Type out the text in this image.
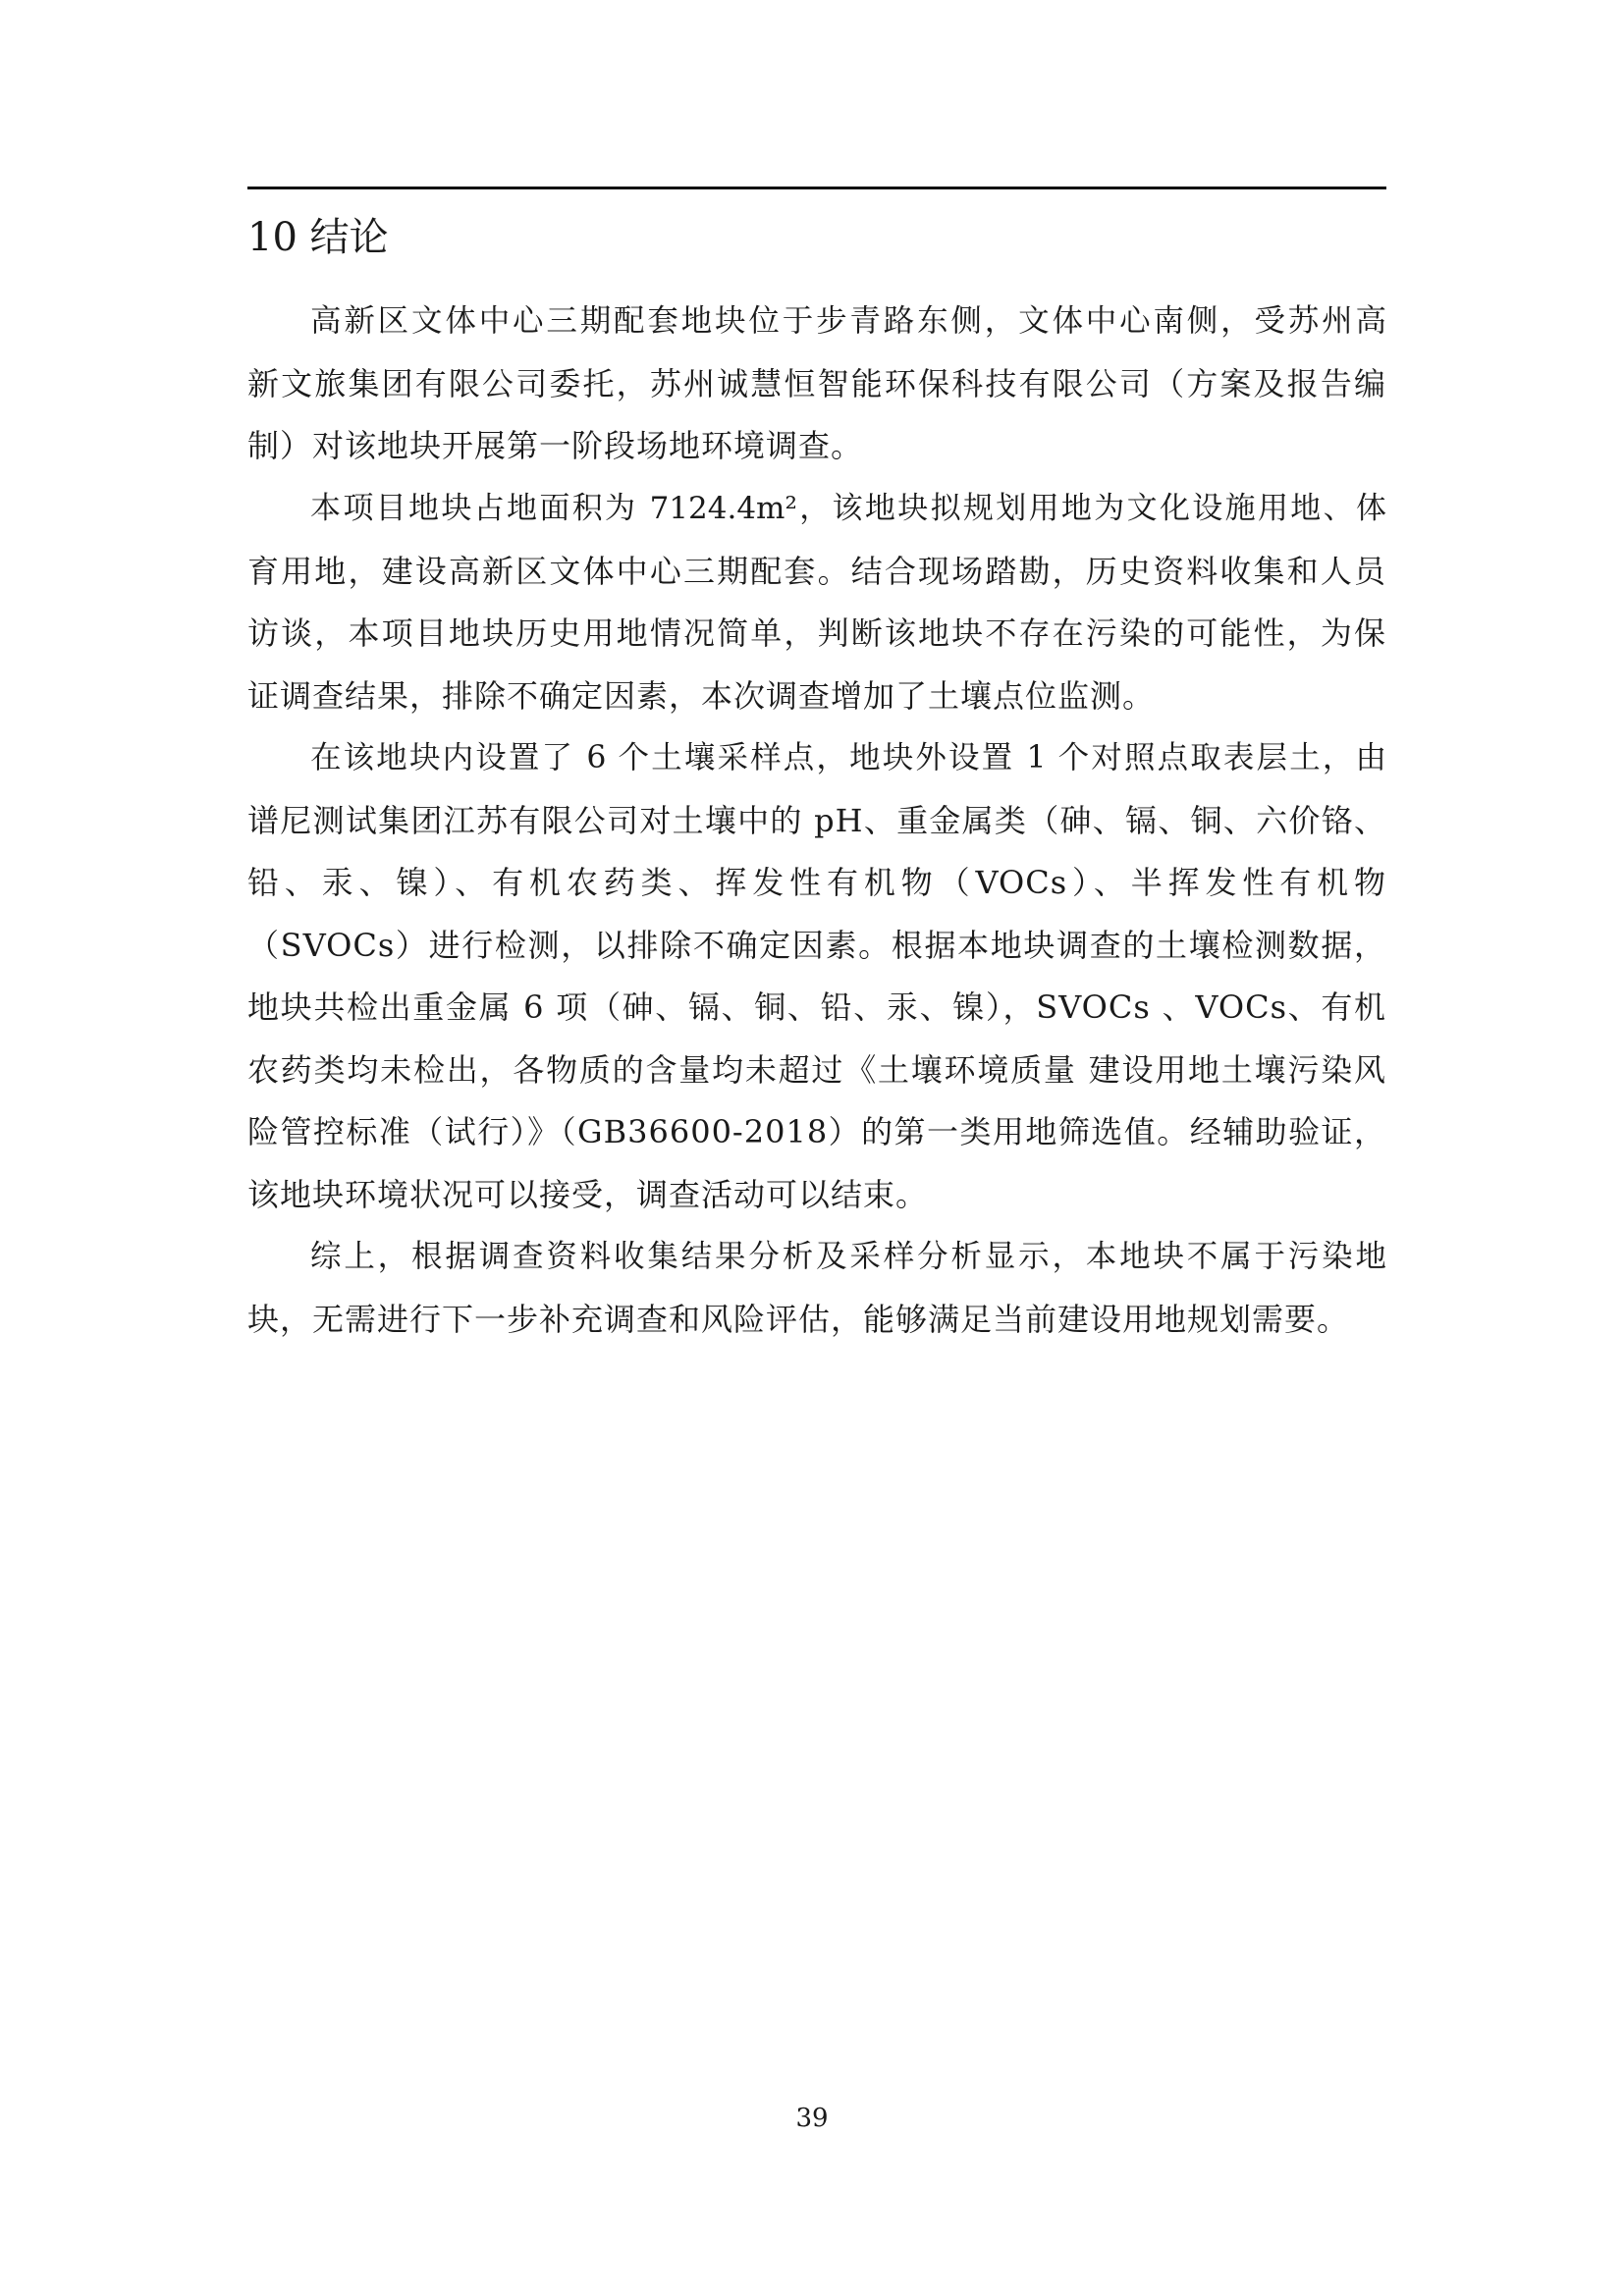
10 结论
高新区文体中心三期配套地块位于步青路东侧，文体中心南侧，受苏州高
新文旅集团有限公司委托，苏州诚慧恒智能环保科技有限公司（方案及报告编
制）对该地块开展第一阶段场地环境调查。
本项目地块占地面积为 7124.4m²，该地块拟规划用地为文化设施用地、体
育用地，建设高新区文体中心三期配套。结合现场踏勘，历史资料收集和人员
访谈，本项目地块历史用地情况简单，判断该地块不存在污染的可能性，为保
证调查结果，排除不确定因素，本次调查增加了土壤点位监测。
在该地块内设置了 6 个土壤采样点，地块外设置 1 个对照点取表层土，由
谱尼测试集团江苏有限公司对土壤中的 pH、重金属类（砷、镉、铜、六价铬、
铅、汞、镍）、有机农药类、挥发性有机物（VOCs）、半挥发性有机物
（SVOCs）进行检测，以排除不确定因素。根据本地块调查的土壤检测数据，
地块共检出重金属 6 项（砷、镉、铜、铅、汞、镍），SVOCs 、VOCs、有机
农药类均未检出，各物质的含量均未超过《土壤环境质量 建设用地土壤污染风
险管控标准（试行）》（GB36600-2018）的第一类用地筛选值。经辅助验证，
该地块环境状况可以接受，调查活动可以结束。
综上，根据调查资料收集结果分析及采样分析显示，本地块不属于污染地
块，无需进行下一步补充调查和风险评估，能够满足当前建设用地规划需要。
39
